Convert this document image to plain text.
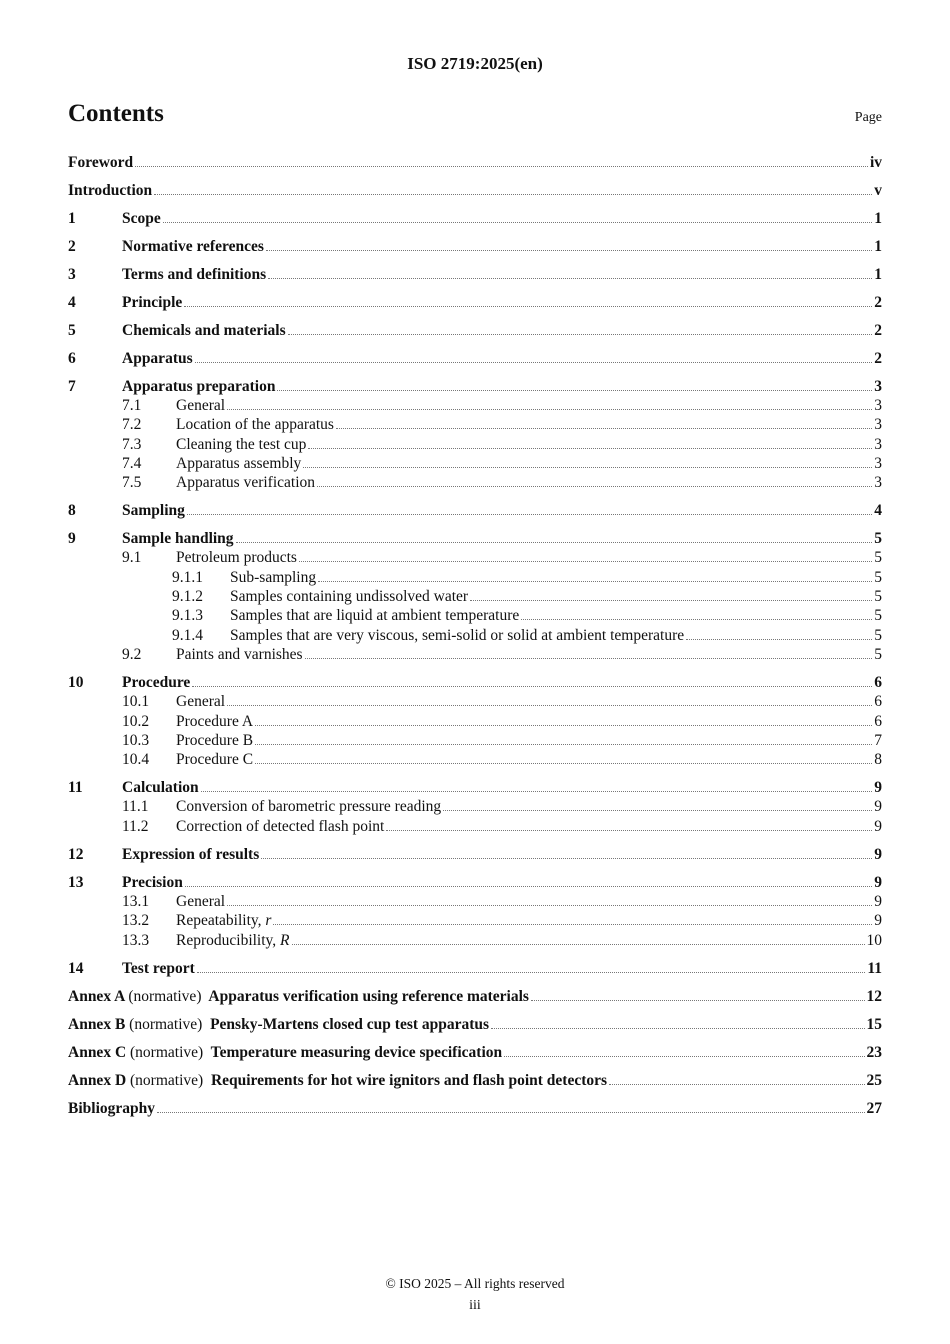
ISO 2719:2025(en)
Contents	Page
Foreword	iv
Introduction	v
1	Scope	1
2	Normative references	1
3	Terms and definitions	1
4	Principle	2
5	Chemicals and materials	2
6	Apparatus	2
7	Apparatus preparation	3
7.1	General	3
7.2	Location of the apparatus	3
7.3	Cleaning the test cup	3
7.4	Apparatus assembly	3
7.5	Apparatus verification	3
8	Sampling	4
9	Sample handling	5
9.1	Petroleum products	5
9.1.1	Sub-sampling	5
9.1.2	Samples containing undissolved water	5
9.1.3	Samples that are liquid at ambient temperature	5
9.1.4	Samples that are very viscous, semi-solid or solid at ambient temperature	5
9.2	Paints and varnishes	5
10	Procedure	6
10.1	General	6
10.2	Procedure A	6
10.3	Procedure B	7
10.4	Procedure C	8
11	Calculation	9
11.1	Conversion of barometric pressure reading	9
11.2	Correction of detected flash point	9
12	Expression of results	9
13	Precision	9
13.1	General	9
13.2	Repeatability, r	9
13.3	Reproducibility, R	10
14	Test report	11
Annex A (normative) Apparatus verification using reference materials	12
Annex B (normative) Pensky-Martens closed cup test apparatus	15
Annex C (normative) Temperature measuring device specification	23
Annex D (normative) Requirements for hot wire ignitors and flash point detectors	25
Bibliography	27
© ISO 2025 – All rights reserved
iii
